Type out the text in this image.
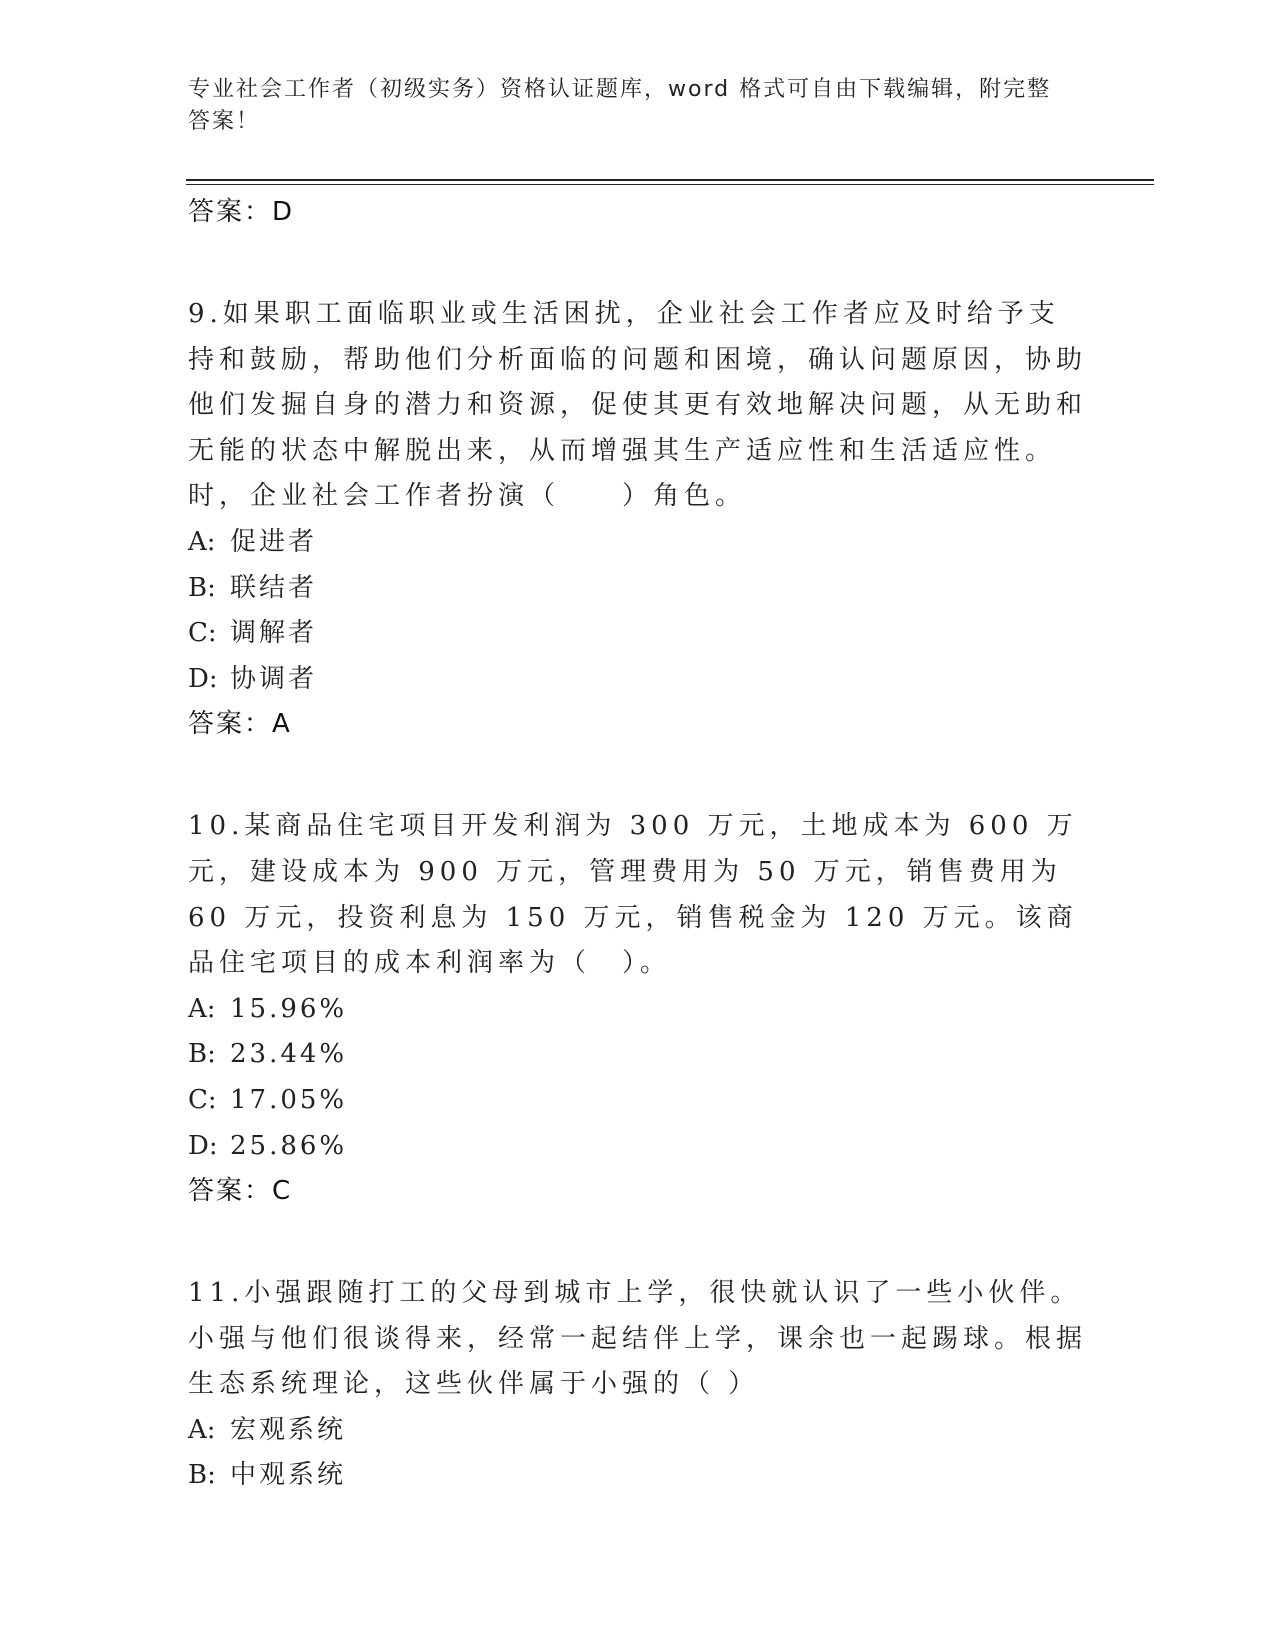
专业社会工作者（初级实务）资格认证题库，word 格式可自由下载编辑，附完整答案！
答案：D
9.如果职工面临职业或生活困扰，企业社会工作者应及时给予支持和鼓励，帮助他们分析面临的问题和困境，确认问题原因，协助他们发掘自身的潜力和资源，促使其更有效地解决问题，从无助和无能的状态中解脱出来，从而增强其生产适应性和生活适应性。时，企业社会工作者扮演（　　）角色。
A: 促进者
B: 联结者
C: 调解者
D: 协调者
答案：A
10.某商品住宅项目开发利润为 300 万元，土地成本为 600 万元，建设成本为 900 万元，管理费用为 50 万元，销售费用为 60 万元，投资利息为 150 万元，销售税金为 120 万元。该商品住宅项目的成本利润率为（　）。
A: 15.96%
B: 23.44%
C: 17.05%
D: 25.86%
答案：C
11.小强跟随打工的父母到城市上学，很快就认识了一些小伙伴。小强与他们很谈得来，经常一起结伴上学，课余也一起踢球。根据生态系统理论，这些伙伴属于小强的（ ）
A: 宏观系统
B: 中观系统
